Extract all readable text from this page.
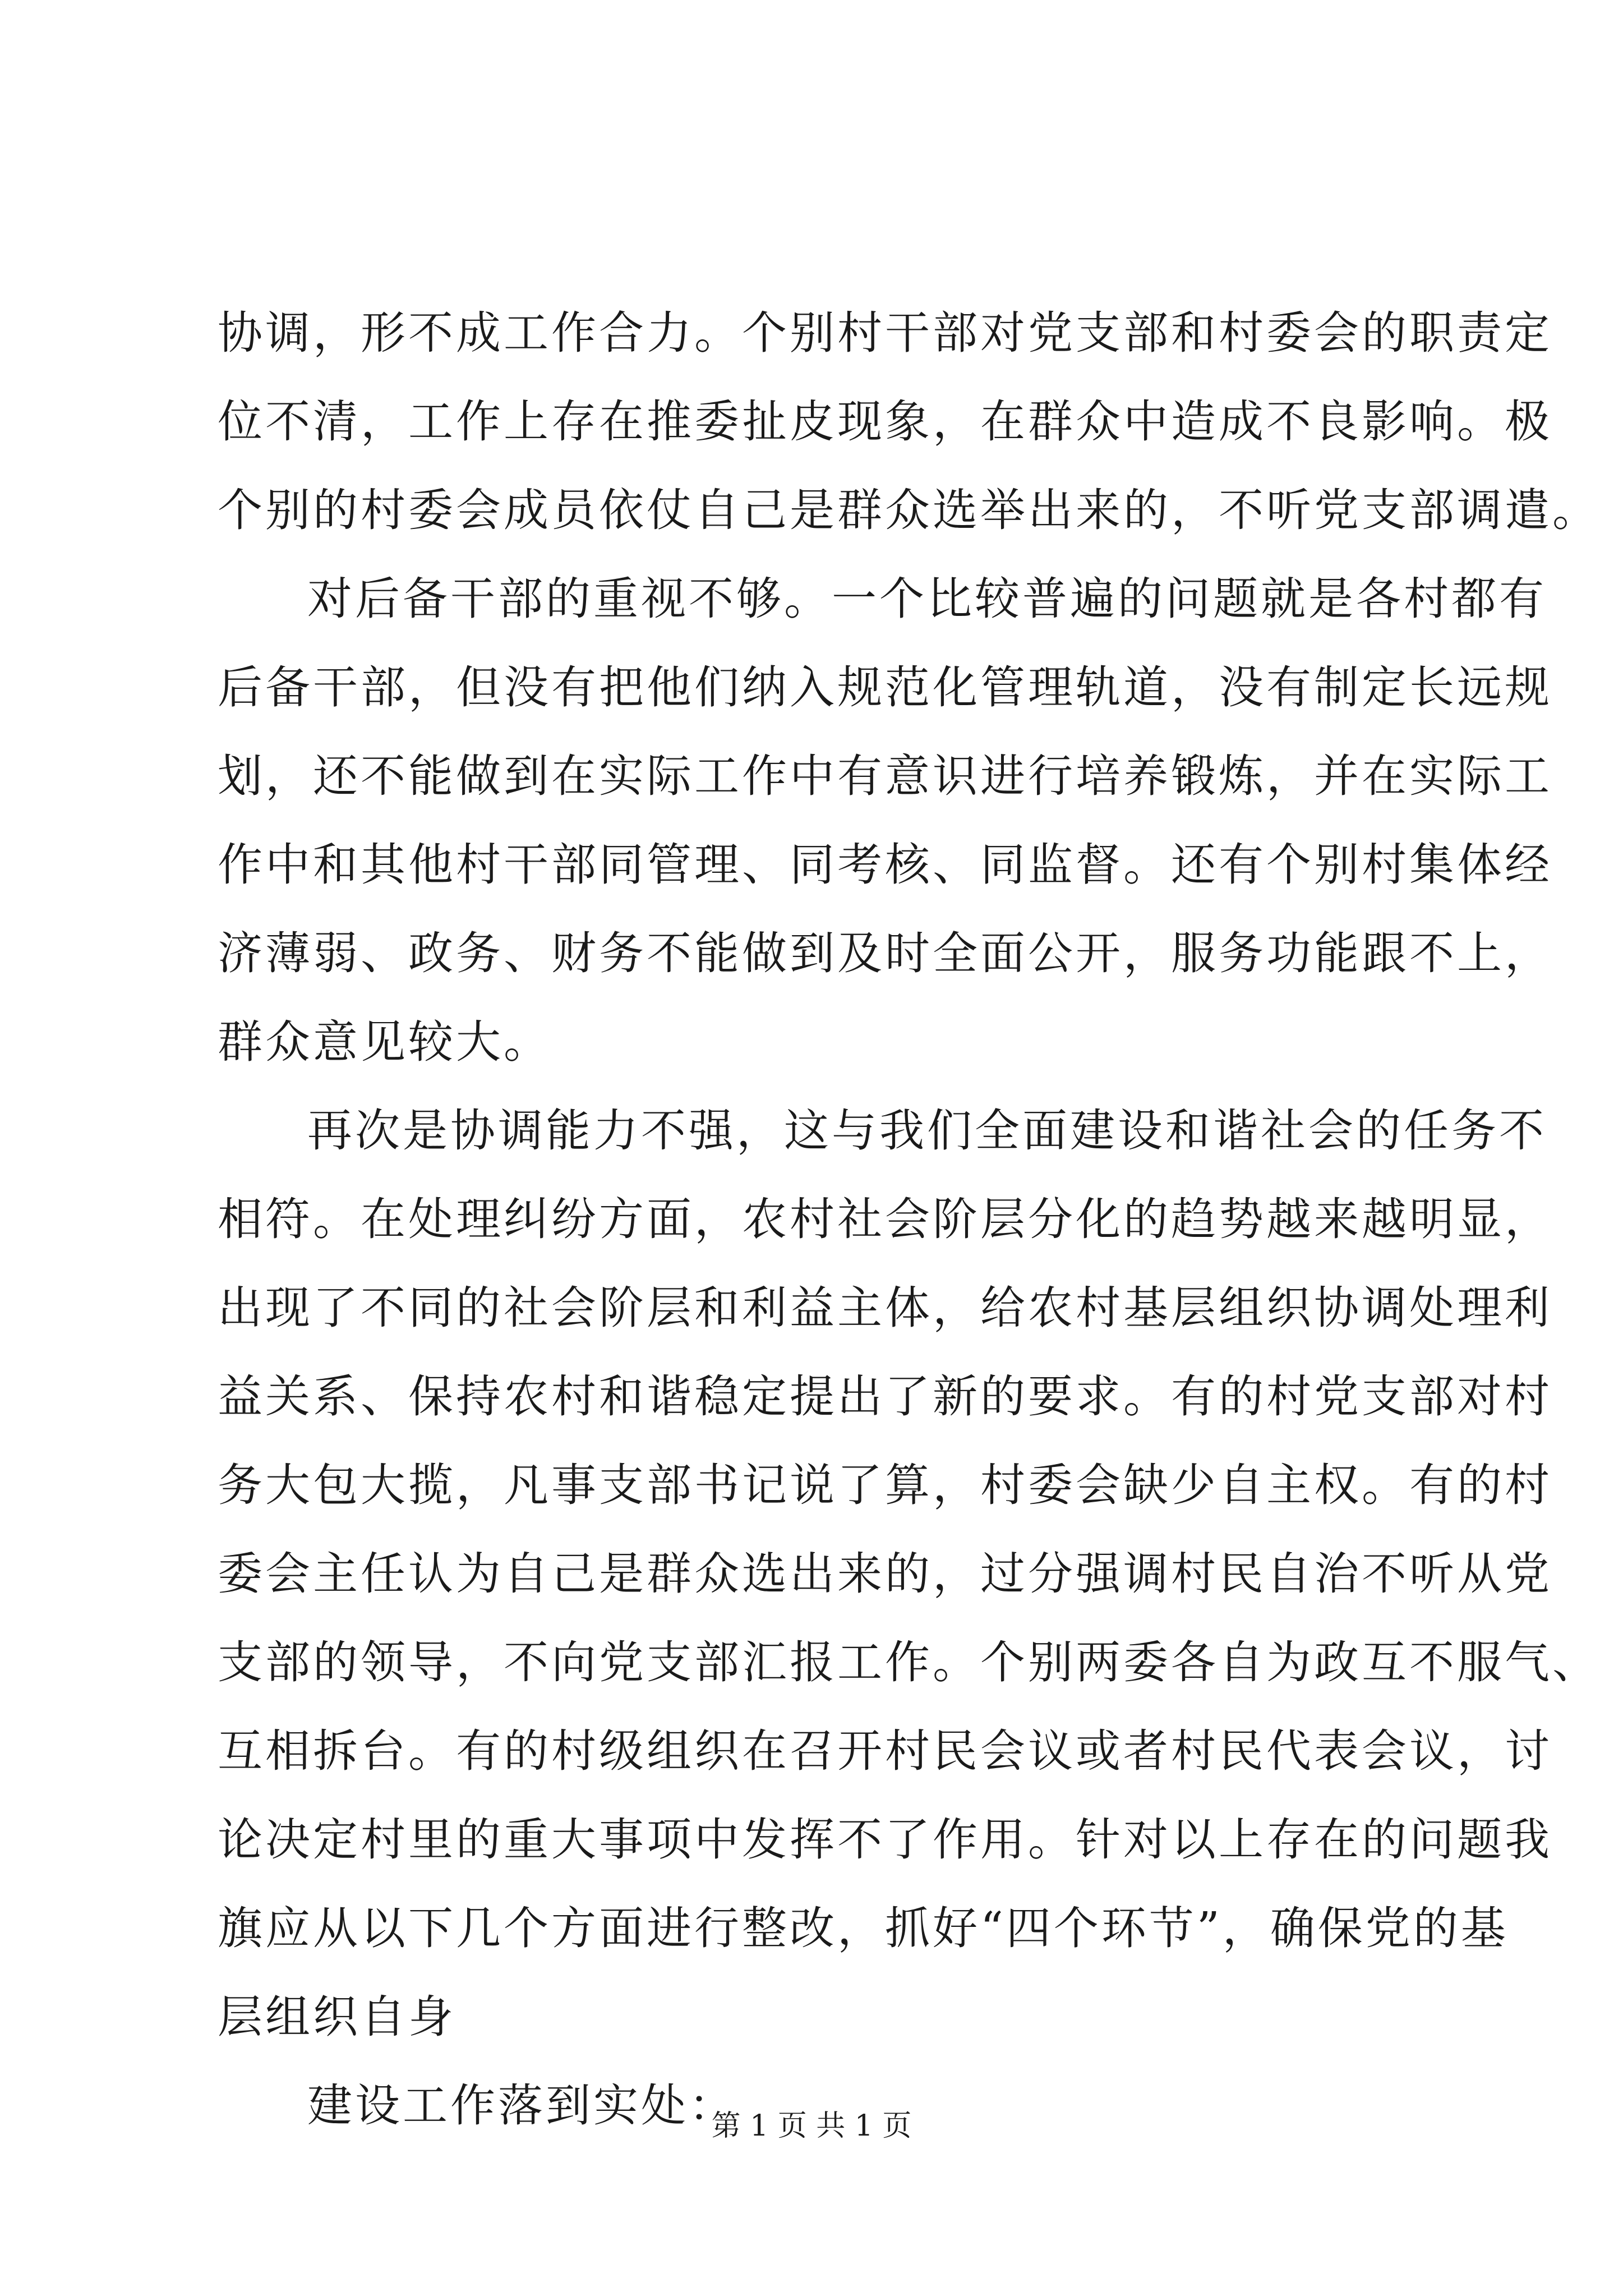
协调，形不成工作合力。个别村干部对党支部和村委会的职责定
位不清，工作上存在推委扯皮现象，在群众中造成不良影响。极
个别的村委会成员依仗自己是群众选举出来的，不听党支部调遣。
对后备干部的重视不够。一个比较普遍的问题就是各村都有
后备干部，但没有把他们纳入规范化管理轨道，没有制定长远规
划，还不能做到在实际工作中有意识进行培养锻炼，并在实际工
作中和其他村干部同管理、同考核、同监督。还有个别村集体经
济薄弱、政务、财务不能做到及时全面公开，服务功能跟不上，
群众意见较大。
再次是协调能力不强，这与我们全面建设和谐社会的任务不
相符。在处理纠纷方面，农村社会阶层分化的趋势越来越明显，
出现了不同的社会阶层和利益主体，给农村基层组织协调处理利
益关系、保持农村和谐稳定提出了新的要求。有的村党支部对村
务大包大揽，凡事支部书记说了算，村委会缺少自主权。有的村
委会主任认为自己是群众选出来的，过分强调村民自治不听从党
支部的领导，不向党支部汇报工作。个别两委各自为政互不服气、
互相拆台。有的村级组织在召开村民会议或者村民代表会议，讨
论决定村里的重大事项中发挥不了作用。针对以上存在的问题我
旗应从以下几个方面进行整改，抓好“四个环节”，确保党的基
层组织自身
建设工作落到实处：
第 1 页 共 1 页
